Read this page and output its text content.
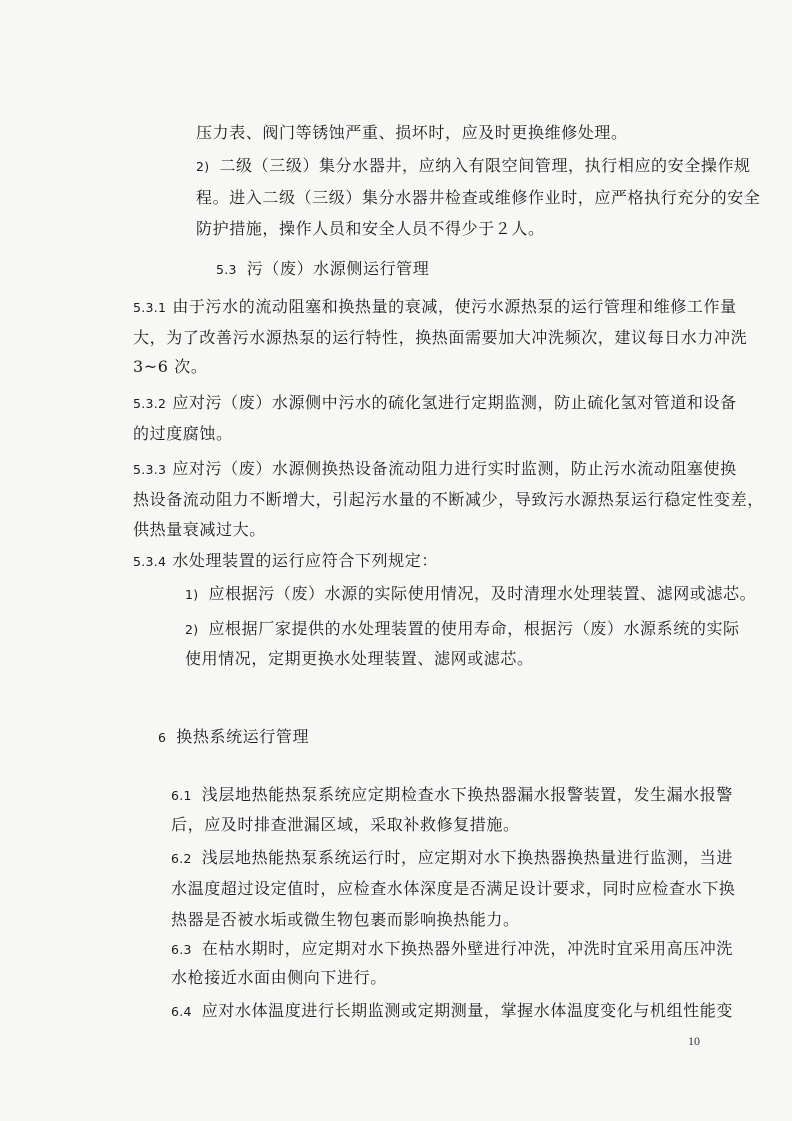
压力表、阀门等锈蚀严重、损坏时，应及时更换维修处理。
2) 二级（三级）集分水器井，应纳入有限空间管理，执行相应的安全操作规
程。进入二级（三级）集分水器井检查或维修作业时，应严格执行充分的安全
防护措施，操作人员和安全人员不得少于２人。
5.3 污（废）水源侧运行管理
5.3.1 由于污水的流动阻塞和换热量的衰减，使污水源热泵的运行管理和维修工作量
大，为了改善污水源热泵的运行特性，换热面需要加大冲洗频次，建议每日水力冲洗
3~6 次。
5.3.2 应对污（废）水源侧中污水的硫化氢进行定期监测，防止硫化氢对管道和设备
的过度腐蚀。
5.3.3 应对污（废）水源侧换热设备流动阻力进行实时监测，防止污水流动阻塞使换
热设备流动阻力不断增大，引起污水量的不断减少，导致污水源热泵运行稳定性变差，
供热量衰减过大。
5.3.4 水处理装置的运行应符合下列规定：
1) 应根据污（废）水源的实际使用情况，及时清理水处理装置、滤网或滤芯。
2) 应根据厂家提供的水处理装置的使用寿命，根据污（废）水源系统的实际
使用情况，定期更换水处理装置、滤网或滤芯。
6 换热系统运行管理
6.1 浅层地热能热泵系统应定期检查水下换热器漏水报警装置，发生漏水报警
后，应及时排查泄漏区域，采取补救修复措施。
6.2 浅层地热能热泵系统运行时，应定期对水下换热器换热量进行监测，当进
水温度超过设定值时，应检查水体深度是否满足设计要求，同时应检查水下换
热器是否被水垢或微生物包裹而影响换热能力。
6.3 在枯水期时，应定期对水下换热器外壁进行冲洗，冲洗时宜采用高压冲洗
水枪接近水面由侧向下进行。
6.4 应对水体温度进行长期监测或定期测量，掌握水体温度变化与机组性能变
10
